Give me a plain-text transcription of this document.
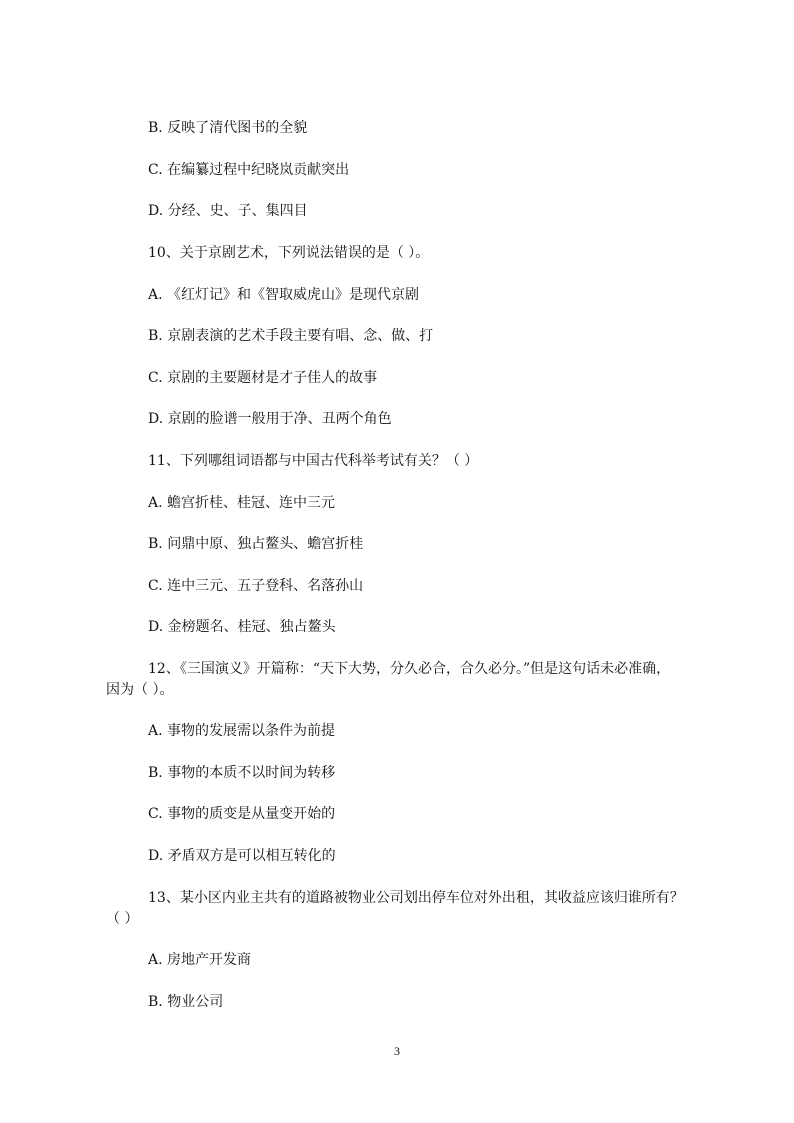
B. 反映了清代图书的全貌
C. 在编纂过程中纪晓岚贡献突出
D. 分经、史、子、集四目
10、关于京剧艺术，下列说法错误的是（ ）。
A. 《红灯记》和《智取威虎山》是现代京剧
B. 京剧表演的艺术手段主要有唱、念、做、打
C. 京剧的主要题材是才子佳人的故事
D. 京剧的脸谱一般用于净、丑两个角色
11、下列哪组词语都与中国古代科举考试有关？（ ）
A. 蟾宫折桂、桂冠、连中三元
B. 问鼎中原、独占鳌头、蟾宫折桂
C. 连中三元、五子登科、名落孙山
D. 金榜题名、桂冠、独占鳌头
12、《三国演义》开篇称：“天下大势，分久必合，合久必分。”但是这句话未必准确，
因为（ ）。
A. 事物的发展需以条件为前提
B. 事物的本质不以时间为转移
C. 事物的质变是从量变开始的
D. 矛盾双方是可以相互转化的
13、某小区内业主共有的道路被物业公司划出停车位对外出租，其收益应该归谁所有？
（ ）
A. 房地产开发商
B. 物业公司
3
